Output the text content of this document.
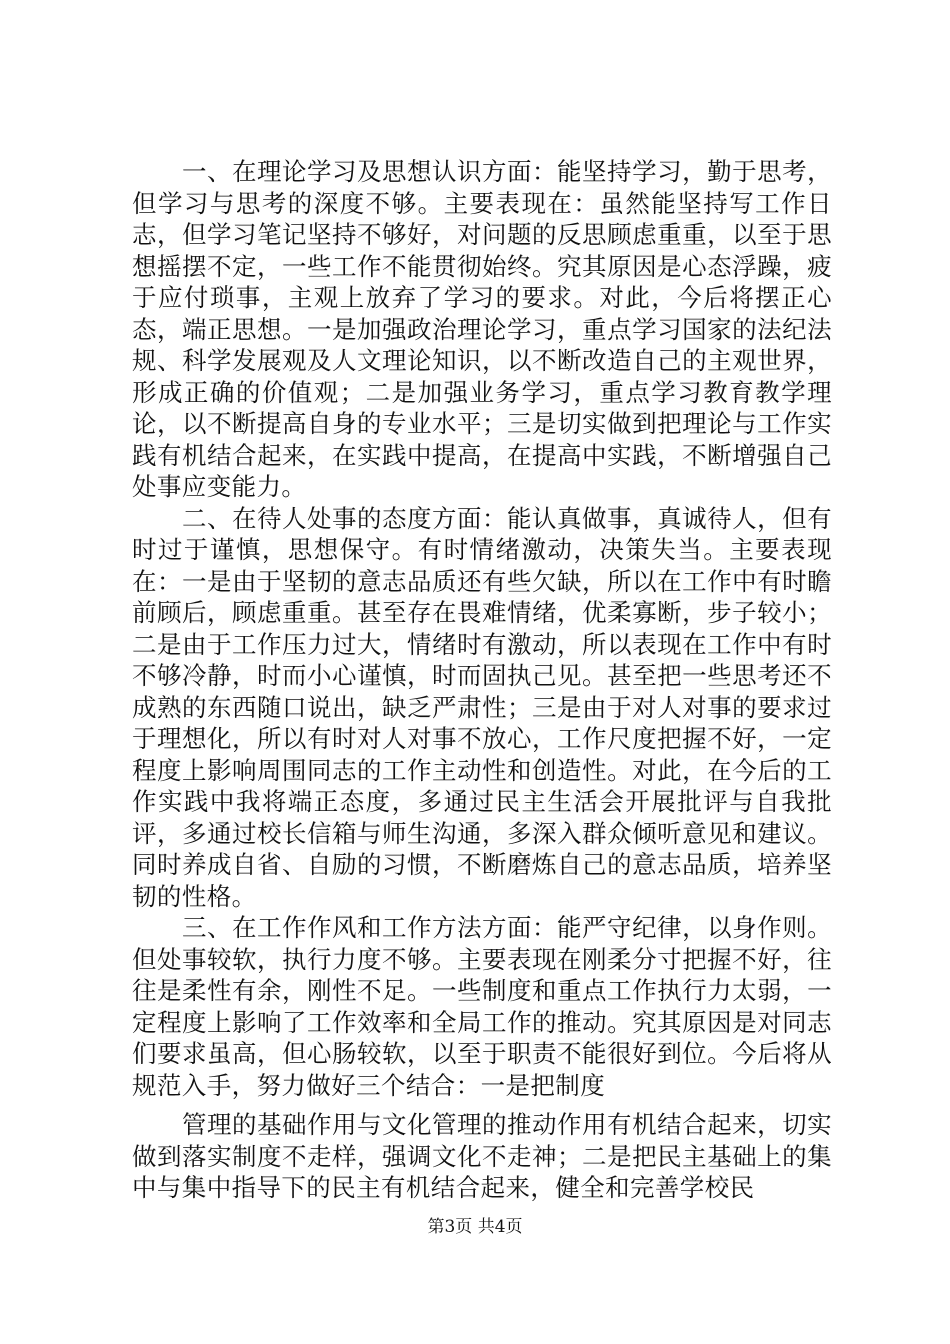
一、在理论学习及思想认识方面：能坚持学习，勤于思考，但学习与思考的深度不够。主要表现在：虽然能坚持写工作日志，但学习笔记坚持不够好，对问题的反思顾虑重重，以至于思想摇摆不定，一些工作不能贯彻始终。究其原因是心态浮躁，疲于应付琐事，主观上放弃了学习的要求。对此，今后将摆正心态，端正思想。一是加强政治理论学习，重点学习国家的法纪法规、科学发展观及人文理论知识，以不断改造自己的主观世界，形成正确的价值观；二是加强业务学习，重点学习教育教学理论，以不断提高自身的专业水平；三是切实做到把理论与工作实践有机结合起来，在实践中提高，在提高中实践，不断增强自己处事应变能力。

二、在待人处事的态度方面：能认真做事，真诚待人，但有时过于谨慎，思想保守。有时情绪激动，决策失当。主要表现在：一是由于坚韧的意志品质还有些欠缺，所以在工作中有时瞻前顾后，顾虑重重。甚至存在畏难情绪，优柔寡断，步子较小；二是由于工作压力过大，情绪时有激动，所以表现在工作中有时不够冷静，时而小心谨慎，时而固执己见。甚至把一些思考还不成熟的东西随口说出，缺乏严肃性；三是由于对人对事的要求过于理想化，所以有时对人对事不放心，工作尺度把握不好，一定程度上影响周围同志的工作主动性和创造性。对此，在今后的工作实践中我将端正态度，多通过民主生活会开展批评与自我批评，多通过校长信箱与师生沟通，多深入群众倾听意见和建议。同时养成自省、自励的习惯，不断磨炼自己的意志品质，培养坚韧的性格。

三、在工作作风和工作方法方面：能严守纪律，以身作则。但处事较软，执行力度不够。主要表现在刚柔分寸把握不好，往往是柔性有余，刚性不足。一些制度和重点工作执行力太弱，一定程度上影响了工作效率和全局工作的推动。究其原因是对同志们要求虽高，但心肠较软，以至于职责不能很好到位。今后将从规范入手，努力做好三个结合：一是把制度

管理的基础作用与文化管理的推动作用有机结合起来，切实做到落实制度不走样，强调文化不走神；二是把民主基础上的集中与集中指导下的民主有机结合起来，健全和完善学校民

第3页 共4页
